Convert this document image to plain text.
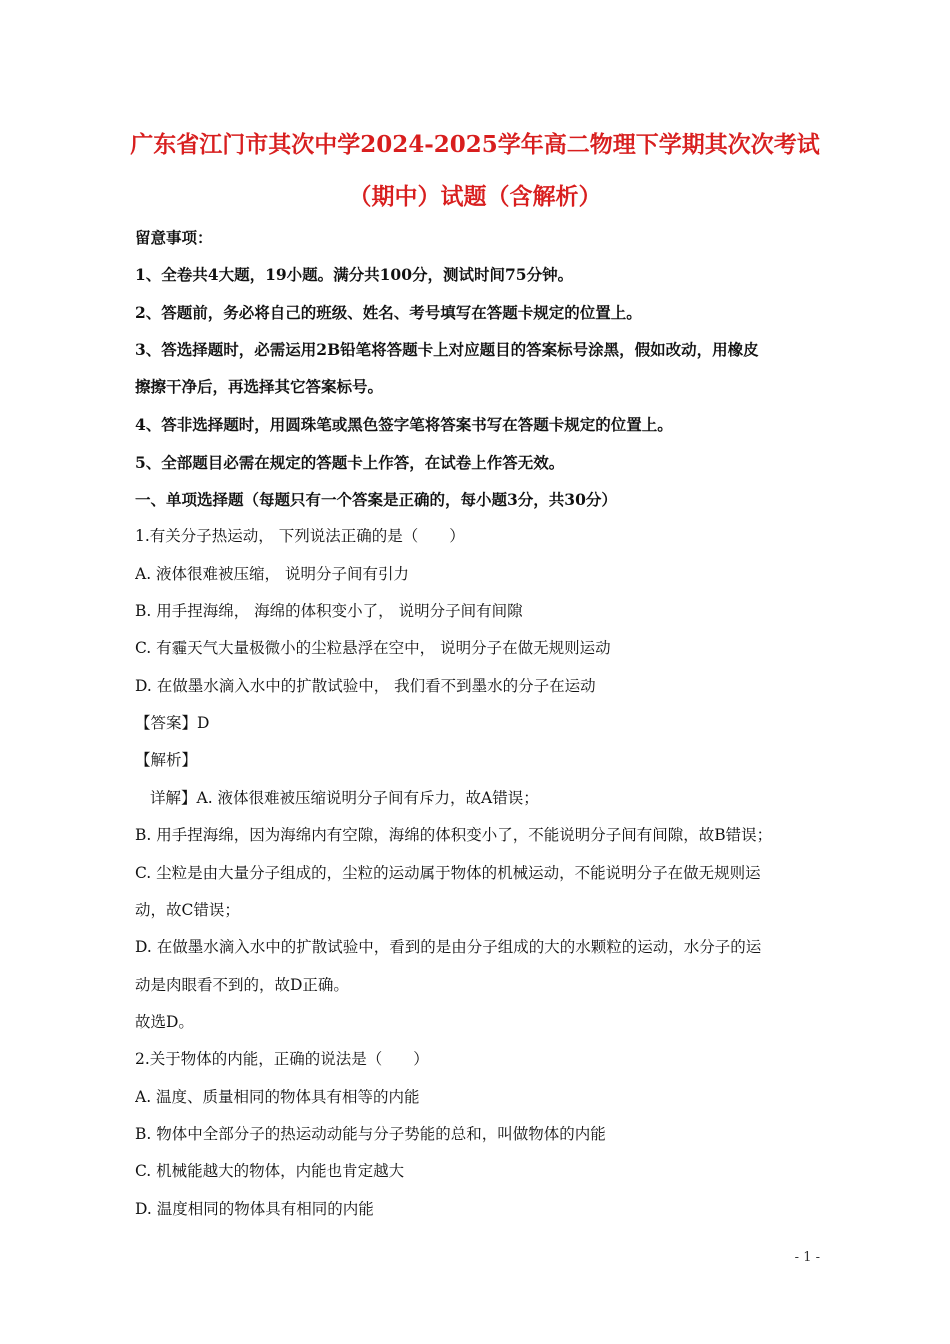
广东省江门市其次中学2024-2025学年高二物理下学期其次次考试
（期中）试题（含解析）
留意事项：
1、全卷共4大题，19小题。满分共100分，测试时间75分钟。
2、答题前，务必将自己的班级、姓名、考号填写在答题卡规定的位置上。
3、答选择题时，必需运用2B铅笔将答题卡上对应题目的答案标号涂黑，假如改动，用橡皮
擦擦干净后，再选择其它答案标号。
4、答非选择题时，用圆珠笔或黑色签字笔将答案书写在答题卡规定的位置上。
5、全部题目必需在规定的答题卡上作答，在试卷上作答无效。
一、单项选择题（每题只有一个答案是正确的，每小题3分，共30分）
1.有关分子热运动， 下列说法正确的是（　　）
A. 液体很难被压缩， 说明分子间有引力
B. 用手捏海绵， 海绵的体积变小了， 说明分子间有间隙
C. 有霾天气大量极微小的尘粒悬浮在空中， 说明分子在做无规则运动
D. 在做墨水滴入水中的扩散试验中， 我们看不到墨水的分子在运动
【答案】D
【解析】
详解】A. 液体很难被压缩说明分子间有斥力，故A错误；
B. 用手捏海绵，因为海绵内有空隙，海绵的体积变小了，不能说明分子间有间隙，故B错误；
C. 尘粒是由大量分子组成的，尘粒的运动属于物体的机械运动，不能说明分子在做无规则运
动，故C错误；
D. 在做墨水滴入水中的扩散试验中，看到的是由分子组成的大的水颗粒的运动，水分子的运
动是肉眼看不到的，故D正确。
故选D。
2.关于物体的内能，正确的说法是（　　）
A. 温度、质量相同的物体具有相等的内能
B. 物体中全部分子的热运动动能与分子势能的总和，叫做物体的内能
C. 机械能越大的物体，内能也肯定越大
D. 温度相同的物体具有相同的内能
- 1 -
